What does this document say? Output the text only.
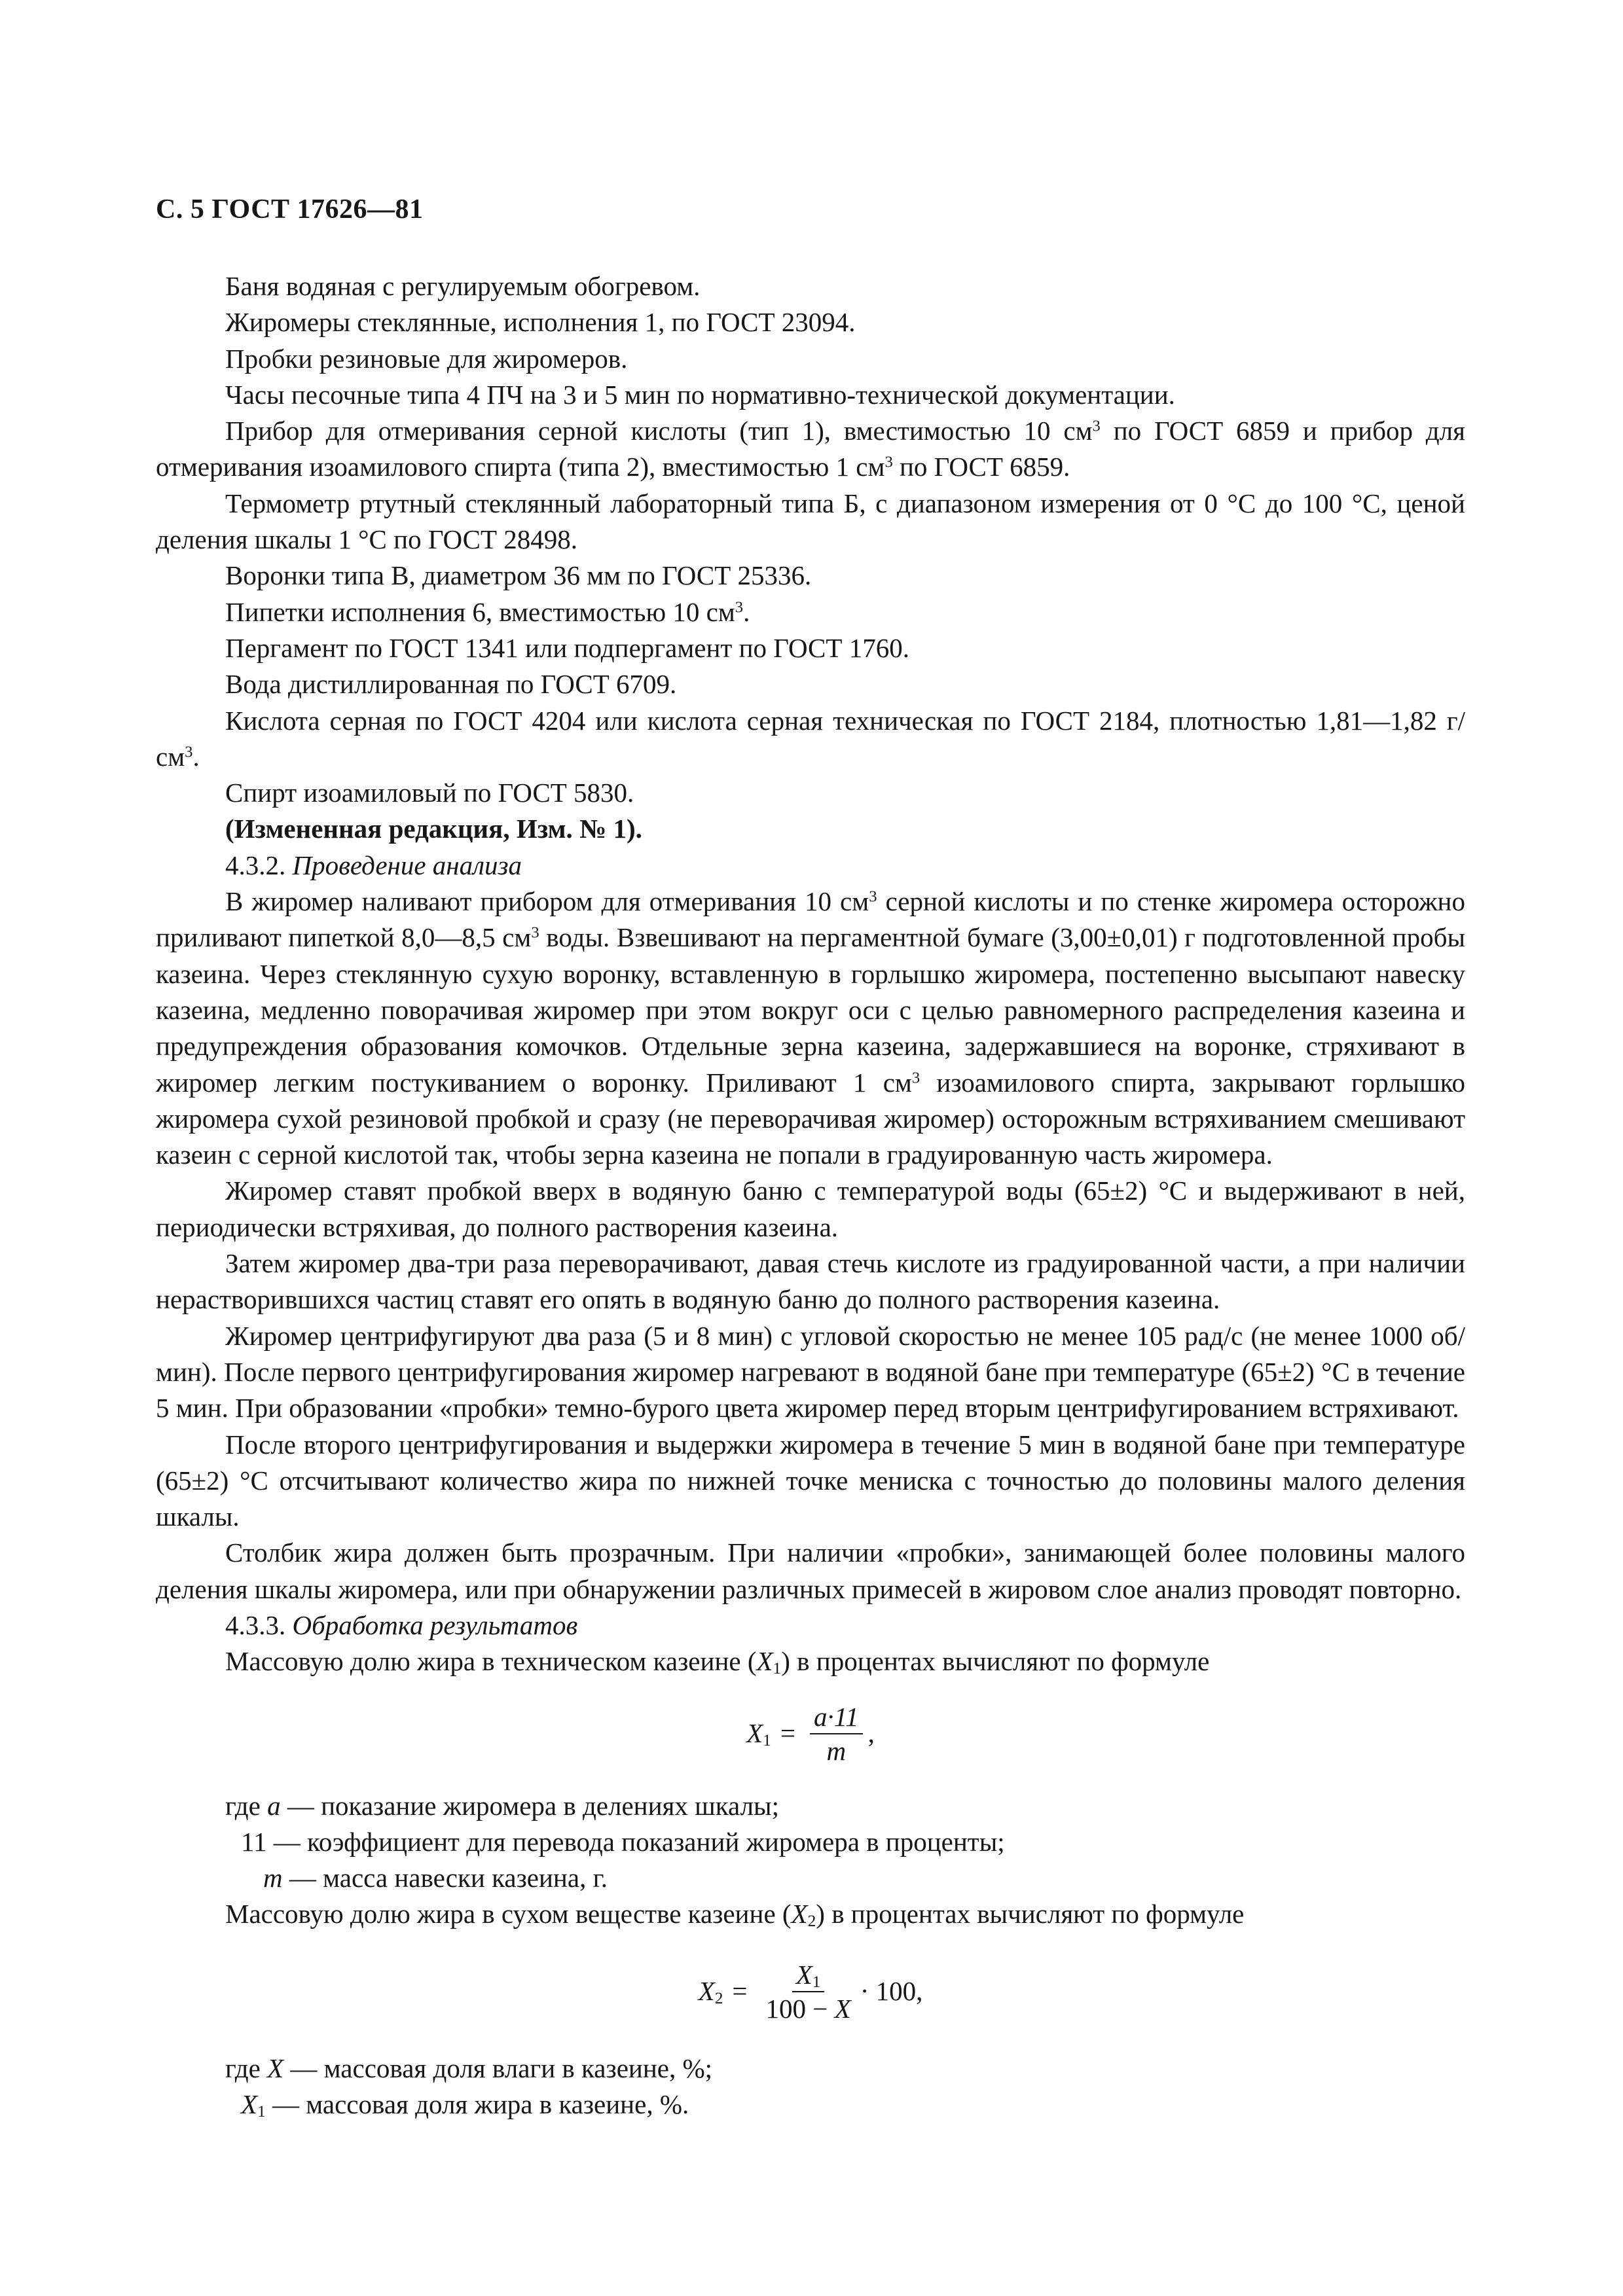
С. 5 ГОСТ 17626—81

Баня водяная с регулируемым обогревом.

Жиромеры стеклянные, исполнения 1, по ГОСТ 23094.

Пробки резиновые для жиромеров.

Часы песочные типа 4 ПЧ на 3 и 5 мин по нормативно-технической документации.

Прибор для отмеривания серной кислоты (тип 1), вместимостью 10 $см^3$ по ГОСТ 6859 и прибор для отмеривания изоамилового спирта (типа 2), вместимостью 1 $см^3$ по ГОСТ 6859.

Термометр ртутный стеклянный лабораторный типа Б, с диапазоном измерения от 0 °С до 100 °С, ценой деления шкалы 1 °С по ГОСТ 28498.

Воронки типа В, диаметром 36 мм по ГОСТ 25336.

Пипетки исполнения 6, вместимостью 10 $см^3$.

Пергамент по ГОСТ 1341 или подпергамент по ГОСТ 1760.

Вода дистиллированная по ГОСТ 6709.

Кислота серная по ГОСТ 4204 или кислота серная техническая по ГОСТ 2184, плотностью 1,81—1,82 $г/см^3$.

Спирт изоамиловый по ГОСТ 5830.

(Измененная редакция, Изм. № 1).

4.3.2. Проведение анализа

В жиромер наливают прибором для отмеривания 10 $см^3$ серной кислоты и по стенке жиромера осторожно приливают пипеткой 8,0—8,5 $см^3$ воды. Взвешивают на пергаментной бумаге (3,00±0,01) г подготовленной пробы казеина. Через стеклянную сухую воронку, вставленную в горлышко жиромера, постепенно высыпают навеску казеина, медленно поворачивая жиромер при этом вокруг оси с целью равномерного распределения казеина и предупреждения образования комочков. Отдельные зерна казеина, задержавшиеся на воронке, стряхивают в жиромер легким постукиванием о воронку. Приливают 1 $см^3$ изоамилового спирта, закрывают горлышко жиромера сухой резиновой пробкой и сразу (не переворачивая жиромер) осторожным встряхиванием смешивают казеин с серной кислотой так, чтобы зерна казеина не попали в градуированную часть жиромера.

Жиромер ставят пробкой вверх в водяную баню с температурой воды (65±2) °С и выдерживают в ней, периодически встряхивая, до полного растворения казеина.

Затем жиромер два-три раза переворачивают, давая стечь кислоте из градуированной части, а при наличии нерастворившихся частиц ставят его опять в водяную баню до полного растворения казеина.

Жиромер центрифугируют два раза (5 и 8 мин) с угловой скоростью не менее 105 рад/с (не менее 1000 об/мин). После первого центрифугирования жиромер нагревают в водяной бане при температуре (65±2) °С в течение 5 мин. При образовании «пробки» темно-бурого цвета жиромер перед вторым центрифугированием встряхивают.

После второго центрифугирования и выдержки жиромера в течение 5 мин в водяной бане при температуре (65±2) °С отсчитывают количество жира по нижней точке мениска с точностью до половины малого деления шкалы.

Столбик жира должен быть прозрачным. При наличии «пробки», занимающей более половины малого деления шкалы жиромера, или при обнаружении различных примесей в жировом слое анализ проводят повторно.

4.3.3. Обработка результатов

Массовую долю жира в техническом казеине $(X_1)$ в процентах вычисляют по формуле

$X_1 = \frac{a\cdot 11}{m}$ ,

где a — показание жиромера в делениях шкалы;

11 — коэффициент для перевода показаний жиромера в проценты;

m — масса навески казеина, г.

Массовую долю жира в сухом веществе казеине $(X_2)$ в процентах вычисляют по формуле

$X_2 = \frac{X_1}{100 - X} \cdot 100$ ,

где X — массовая доля влаги в казеине, %;

$X_1$ — массовая доля жира в казеине, %.
